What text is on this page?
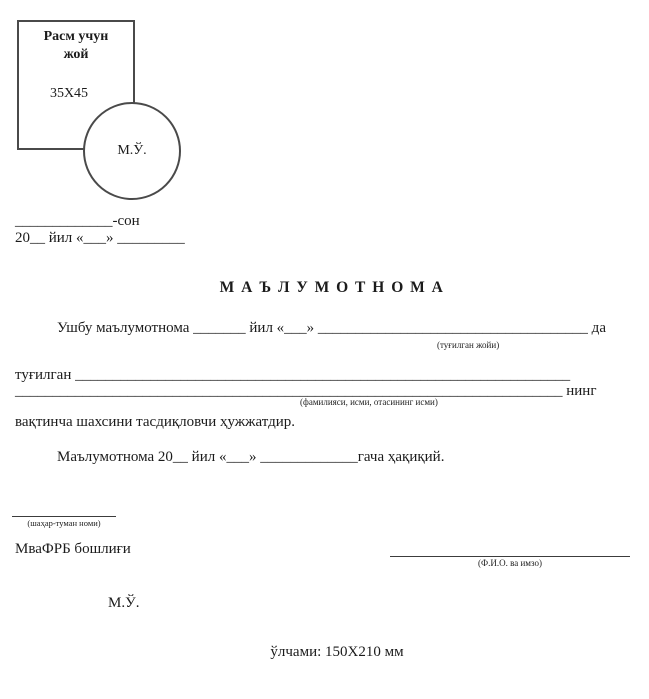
Расм учун
жой
35X45
М.Ў.
_____________-сон
20__ йил «___» _________
М А Ъ Л У М О Т Н О М А
Ушбу маълумотнома _______ йил «___» ____________________________________ да
(туғилган жойи)
туғилган __________________________________________________________________
_________________________________________________________________________ нинг
(фамилияси, исми, отасининг исми)
вақтинча шахсини тасдиқловчи ҳужжатдир.
Маълумотнома 20__ йил «___» _____________гача ҳақиқий.
(шаҳар-туман номи)
МваФРБ бошлиғи
(Ф.И.О. ва имзо)
М.Ў.
ўлчами: 150X210 мм
